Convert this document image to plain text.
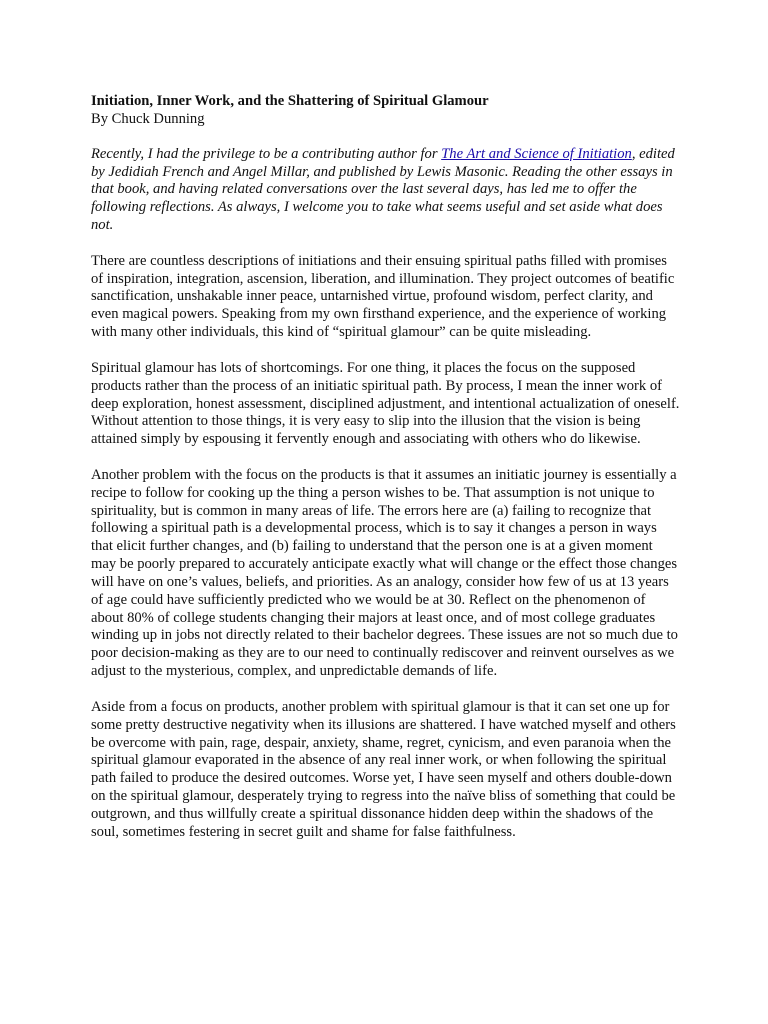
Initiation, Inner Work, and the Shattering of Spiritual Glamour
By Chuck Dunning

Recently, I had the privilege to be a contributing author for The Art and Science of Initiation, edited by Jedidiah French and Angel Millar, and published by Lewis Masonic. Reading the other essays in that book, and having related conversations over the last several days, has led me to offer the following reflections. As always, I welcome you to take what seems useful and set aside what does not.

There are countless descriptions of initiations and their ensuing spiritual paths filled with promises of inspiration, integration, ascension, liberation, and illumination. They project outcomes of beatific sanctification, unshakable inner peace, untarnished virtue, profound wisdom, perfect clarity, and even magical powers. Speaking from my own firsthand experience, and the experience of working with many other individuals, this kind of “spiritual glamour” can be quite misleading.

Spiritual glamour has lots of shortcomings. For one thing, it places the focus on the supposed products rather than the process of an initiatic spiritual path. By process, I mean the inner work of deep exploration, honest assessment, disciplined adjustment, and intentional actualization of oneself. Without attention to those things, it is very easy to slip into the illusion that the vision is being attained simply by espousing it fervently enough and associating with others who do likewise.

Another problem with the focus on the products is that it assumes an initiatic journey is essentially a recipe to follow for cooking up the thing a person wishes to be. That assumption is not unique to spirituality, but is common in many areas of life. The errors here are (a) failing to recognize that following a spiritual path is a developmental process, which is to say it changes a person in ways that elicit further changes, and (b) failing to understand that the person one is at a given moment may be poorly prepared to accurately anticipate exactly what will change or the effect those changes will have on one’s values, beliefs, and priorities. As an analogy, consider how few of us at 13 years of age could have sufficiently predicted who we would be at 30. Reflect on the phenomenon of about 80% of college students changing their majors at least once, and of most college graduates winding up in jobs not directly related to their bachelor degrees. These issues are not so much due to poor decision-making as they are to our need to continually rediscover and reinvent ourselves as we adjust to the mysterious, complex, and unpredictable demands of life.

Aside from a focus on products, another problem with spiritual glamour is that it can set one up for some pretty destructive negativity when its illusions are shattered. I have watched myself and others be overcome with pain, rage, despair, anxiety, shame, regret, cynicism, and even paranoia when the spiritual glamour evaporated in the absence of any real inner work, or when following the spiritual path failed to produce the desired outcomes. Worse yet, I have seen myself and others double-down on the spiritual glamour, desperately trying to regress into the naïve bliss of something that could be outgrown, and thus willfully create a spiritual dissonance hidden deep within the shadows of the soul, sometimes festering in secret guilt and shame for false faithfulness.
